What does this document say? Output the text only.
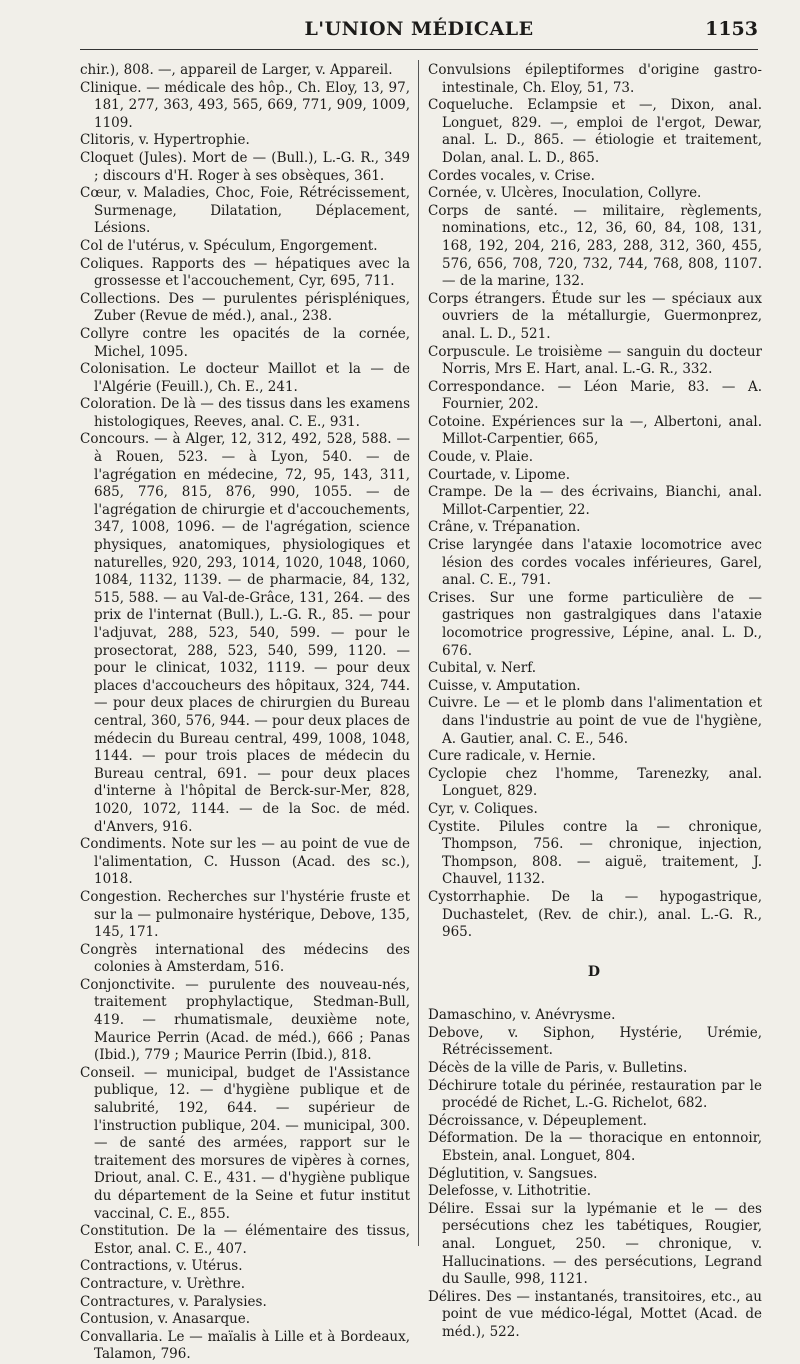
L'UNION MÉDICALE	1153

chir.), 808. —, appareil de Larger, v. Appareil.

Clinique. — médicale des hôp., Ch. Eloy, 13, 97, 181, 277, 363, 493, 565, 669, 771, 909, 1009, 1109.

Clitoris, v. Hypertrophie.

Cloquet (Jules). Mort de — (Bull.), L.-G. R., 349 ; discours d'H. Roger à ses obsèques, 361.

Cœur, v. Maladies, Choc, Foie, Rétrécissement, Surmenage, Dilatation, Déplacement, Lésions.

Col de l'utérus, v. Spéculum, Engorgement.

Coliques. Rapports des — hépatiques avec la grossesse et l'accouchement, Cyr, 695, 711.

Collections. Des — purulentes périspléniques, Zuber (Revue de méd.), anal., 238.

Collyre contre les opacités de la cornée, Michel, 1095.

Colonisation. Le docteur Maillot et la — de l'Algérie (Feuill.), Ch. E., 241.

Coloration. De là — des tissus dans les examens histologiques, Reeves, anal. C. E., 931.

Concours. — à Alger, 12, 312, 492, 528, 588. — à Rouen, 523. — à Lyon, 540. — de l'agrégation en médecine, 72, 95, 143, 311, 685, 776, 815, 876, 990, 1055. — de l'agrégation de chirurgie et d'accouchements, 347, 1008, 1096. — de l'agrégation, science physiques, anatomiques, physiologiques et naturelles, 920, 293, 1014, 1020, 1048, 1060, 1084, 1132, 1139. — de pharmacie, 84, 132, 515, 588. — au Val-de-Grâce, 131, 264. — des prix de l'internat (Bull.), L.-G. R., 85. — pour l'adjuvat, 288, 523, 540, 599. — pour le prosectorat, 288, 523, 540, 599, 1120. — pour le clinicat, 1032, 1119. — pour deux places d'accoucheurs des hôpitaux, 324, 744. — pour deux places de chirurgien du Bureau central, 360, 576, 944. — pour deux places de médecin du Bureau central, 499, 1008, 1048, 1144. — pour trois places de médecin du Bureau central, 691. — pour deux places d'interne à l'hôpital de Berck-sur-Mer, 828, 1020, 1072, 1144. — de la Soc. de méd. d'Anvers, 916.

Condiments. Note sur les — au point de vue de l'alimentation, C. Husson (Acad. des sc.), 1018.

Congestion. Recherches sur l'hystérie fruste et sur la — pulmonaire hystérique, Debove, 135, 145, 171.

Congrès international des médecins des colonies à Amsterdam, 516.

Conjonctivite. — purulente des nouveau-nés, traitement prophylactique, Stedman-Bull, 419. — rhumatismale, deuxième note, Maurice Perrin (Acad. de méd.), 666 ; Panas (Ibid.), 779 ; Maurice Perrin (Ibid.), 818.

Conseil. — municipal, budget de l'Assistance publique, 12. — d'hygiène publique et de salubrité, 192, 644. — supérieur de l'instruction publique, 204. — municipal, 300. — de santé des armées, rapport sur le traitement des morsures de vipères à cornes, Driout, anal. C. E., 431. — d'hygiène publique du département de la Seine et futur institut vaccinal, C. E., 855.

Constitution. De la — élémentaire des tissus, Estor, anal. C. E., 407.

Contractions, v. Utérus.

Contracture, v. Urèthre.

Contractures, v. Paralysies.

Contusion, v. Anasarque.

Convallaria. Le — maïalis à Lille et à Bordeaux, Talamon, 796.

Convulsions épileptiformes d'origine gastro-intestinale, Ch. Eloy, 51, 73.

Coqueluche. Eclampsie et —, Dixon, anal. Longuet, 829. —, emploi de l'ergot, Dewar, anal. L. D., 865. — étiologie et traitement, Dolan, anal. L. D., 865.

Cordes vocales, v. Crise.

Cornée, v. Ulcères, Inoculation, Collyre.

Corps de santé. — militaire, règlements, nominations, etc., 12, 36, 60, 84, 108, 131, 168, 192, 204, 216, 283, 288, 312, 360, 455, 576, 656, 708, 720, 732, 744, 768, 808, 1107. — de la marine, 132.

Corps étrangers. Étude sur les — spéciaux aux ouvriers de la métallurgie, Guermonprez, anal. L. D., 521.

Corpuscule. Le troisième — sanguin du docteur Norris, Mrs E. Hart, anal. L.-G. R., 332.

Correspondance. — Léon Marie, 83. — A. Fournier, 202.

Cotoine. Expériences sur la —, Albertoni, anal. Millot-Carpentier, 665,

Coude, v. Plaie.

Courtade, v. Lipome.

Crampe. De la — des écrivains, Bianchi, anal. Millot-Carpentier, 22.

Crâne, v. Trépanation.

Crise laryngée dans l'ataxie locomotrice avec lésion des cordes vocales inférieures, Garel, anal. C. E., 791.

Crises. Sur une forme particulière de — gastriques non gastralgiques dans l'ataxie locomotrice progressive, Lépine, anal. L. D., 676.

Cubital, v. Nerf.

Cuisse, v. Amputation.

Cuivre. Le — et le plomb dans l'alimentation et dans l'industrie au point de vue de l'hygiène, A. Gautier, anal. C. E., 546.

Cure radicale, v. Hernie.

Cyclopie chez l'homme, Tarenezky, anal. Longuet, 829.

Cyr, v. Coliques.

Cystite. Pilules contre la — chronique, Thompson, 756. — chronique, injection, Thompson, 808. — aiguë, traitement, J. Chauvel, 1132.

Cystorrhaphie. De la — hypogastrique, Duchastelet, (Rev. de chir.), anal. L.-G. R., 965.

D

Damaschino, v. Anévrysme.

Debove, v. Siphon, Hystérie, Urémie, Rétrécissement.

Décès de la ville de Paris, v. Bulletins.

Déchirure totale du périnée, restauration par le procédé de Richet, L.-G. Richelot, 682.

Décroissance, v. Dépeuplement.

Déformation. De la — thoracique en entonnoir, Ebstein, anal. Longuet, 804.

Déglutition, v. Sangsues.

Delefosse, v. Lithotritie.

Délire. Essai sur la lypémanie et le — des persécutions chez les tabétiques, Rougier, anal. Longuet, 250. — chronique, v. Hallucinations. — des persécutions, Legrand du Saulle, 998, 1121.

Délires. Des — instantanés, transitoires, etc., au point de vue médico-légal, Mottet (Acad. de méd.), 522.
